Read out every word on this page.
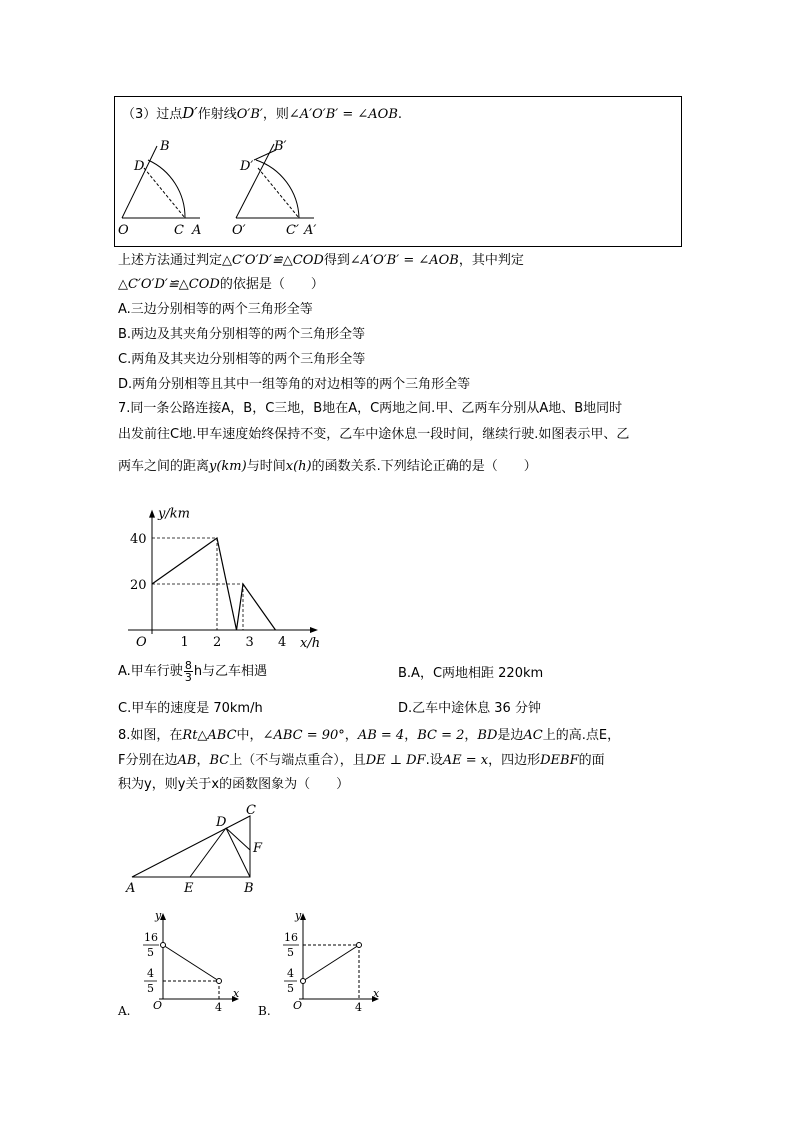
（3）过点D′作射线O′B′，则∠A′O′B′ = ∠AOB.
B
D
O	C A
B′
D′
O′	C′ A′
上述方法通过判定△C′O′D′≌△COD得到∠A′O′B′ = ∠AOB，其中判定
△C′O′D′≌△COD的依据是（　　）
A.三边分别相等的两个三角形全等
B.两边及其夹角分别相等的两个三角形全等
C.两角及其夹边分别相等的两个三角形全等
D.两角分别相等且其中一组等角的对边相等的两个三角形全等
7.同一条公路连接A，B，C三地，B地在A，C两地之间.甲、乙两车分别从A地、B地同时
出发前往C地.甲车速度始终保持不变，乙车中途休息一段时间，继续行驶.如图表示甲、乙
两车之间的距离y(km)与时间x(h)的函数关系.下列结论正确的是（　　）
y/km
x/h
O	1 2 3 4
20
40
A.甲车行驶 $\frac{8}{3}$ h与乙车相遇	B.A，C两地相距 220km
C.甲车的速度是 70km/h	D.乙车中途休息 36 分钟
8.如图，在Rt△ABC中，∠ABC = 90°，AB = 4，BC = 2，BD是边AC上的高.点E，
F分别在边AB，BC上（不与端点重合），且DE ⊥ DF.设AE = x，四边形DEBF的面
积为y，则y关于x的函数图象为（　　）
A	B
C
D
E
F
y
x
O	4
16
5
4
5
A.
y
x
O	4
16
5
4
5
B.
